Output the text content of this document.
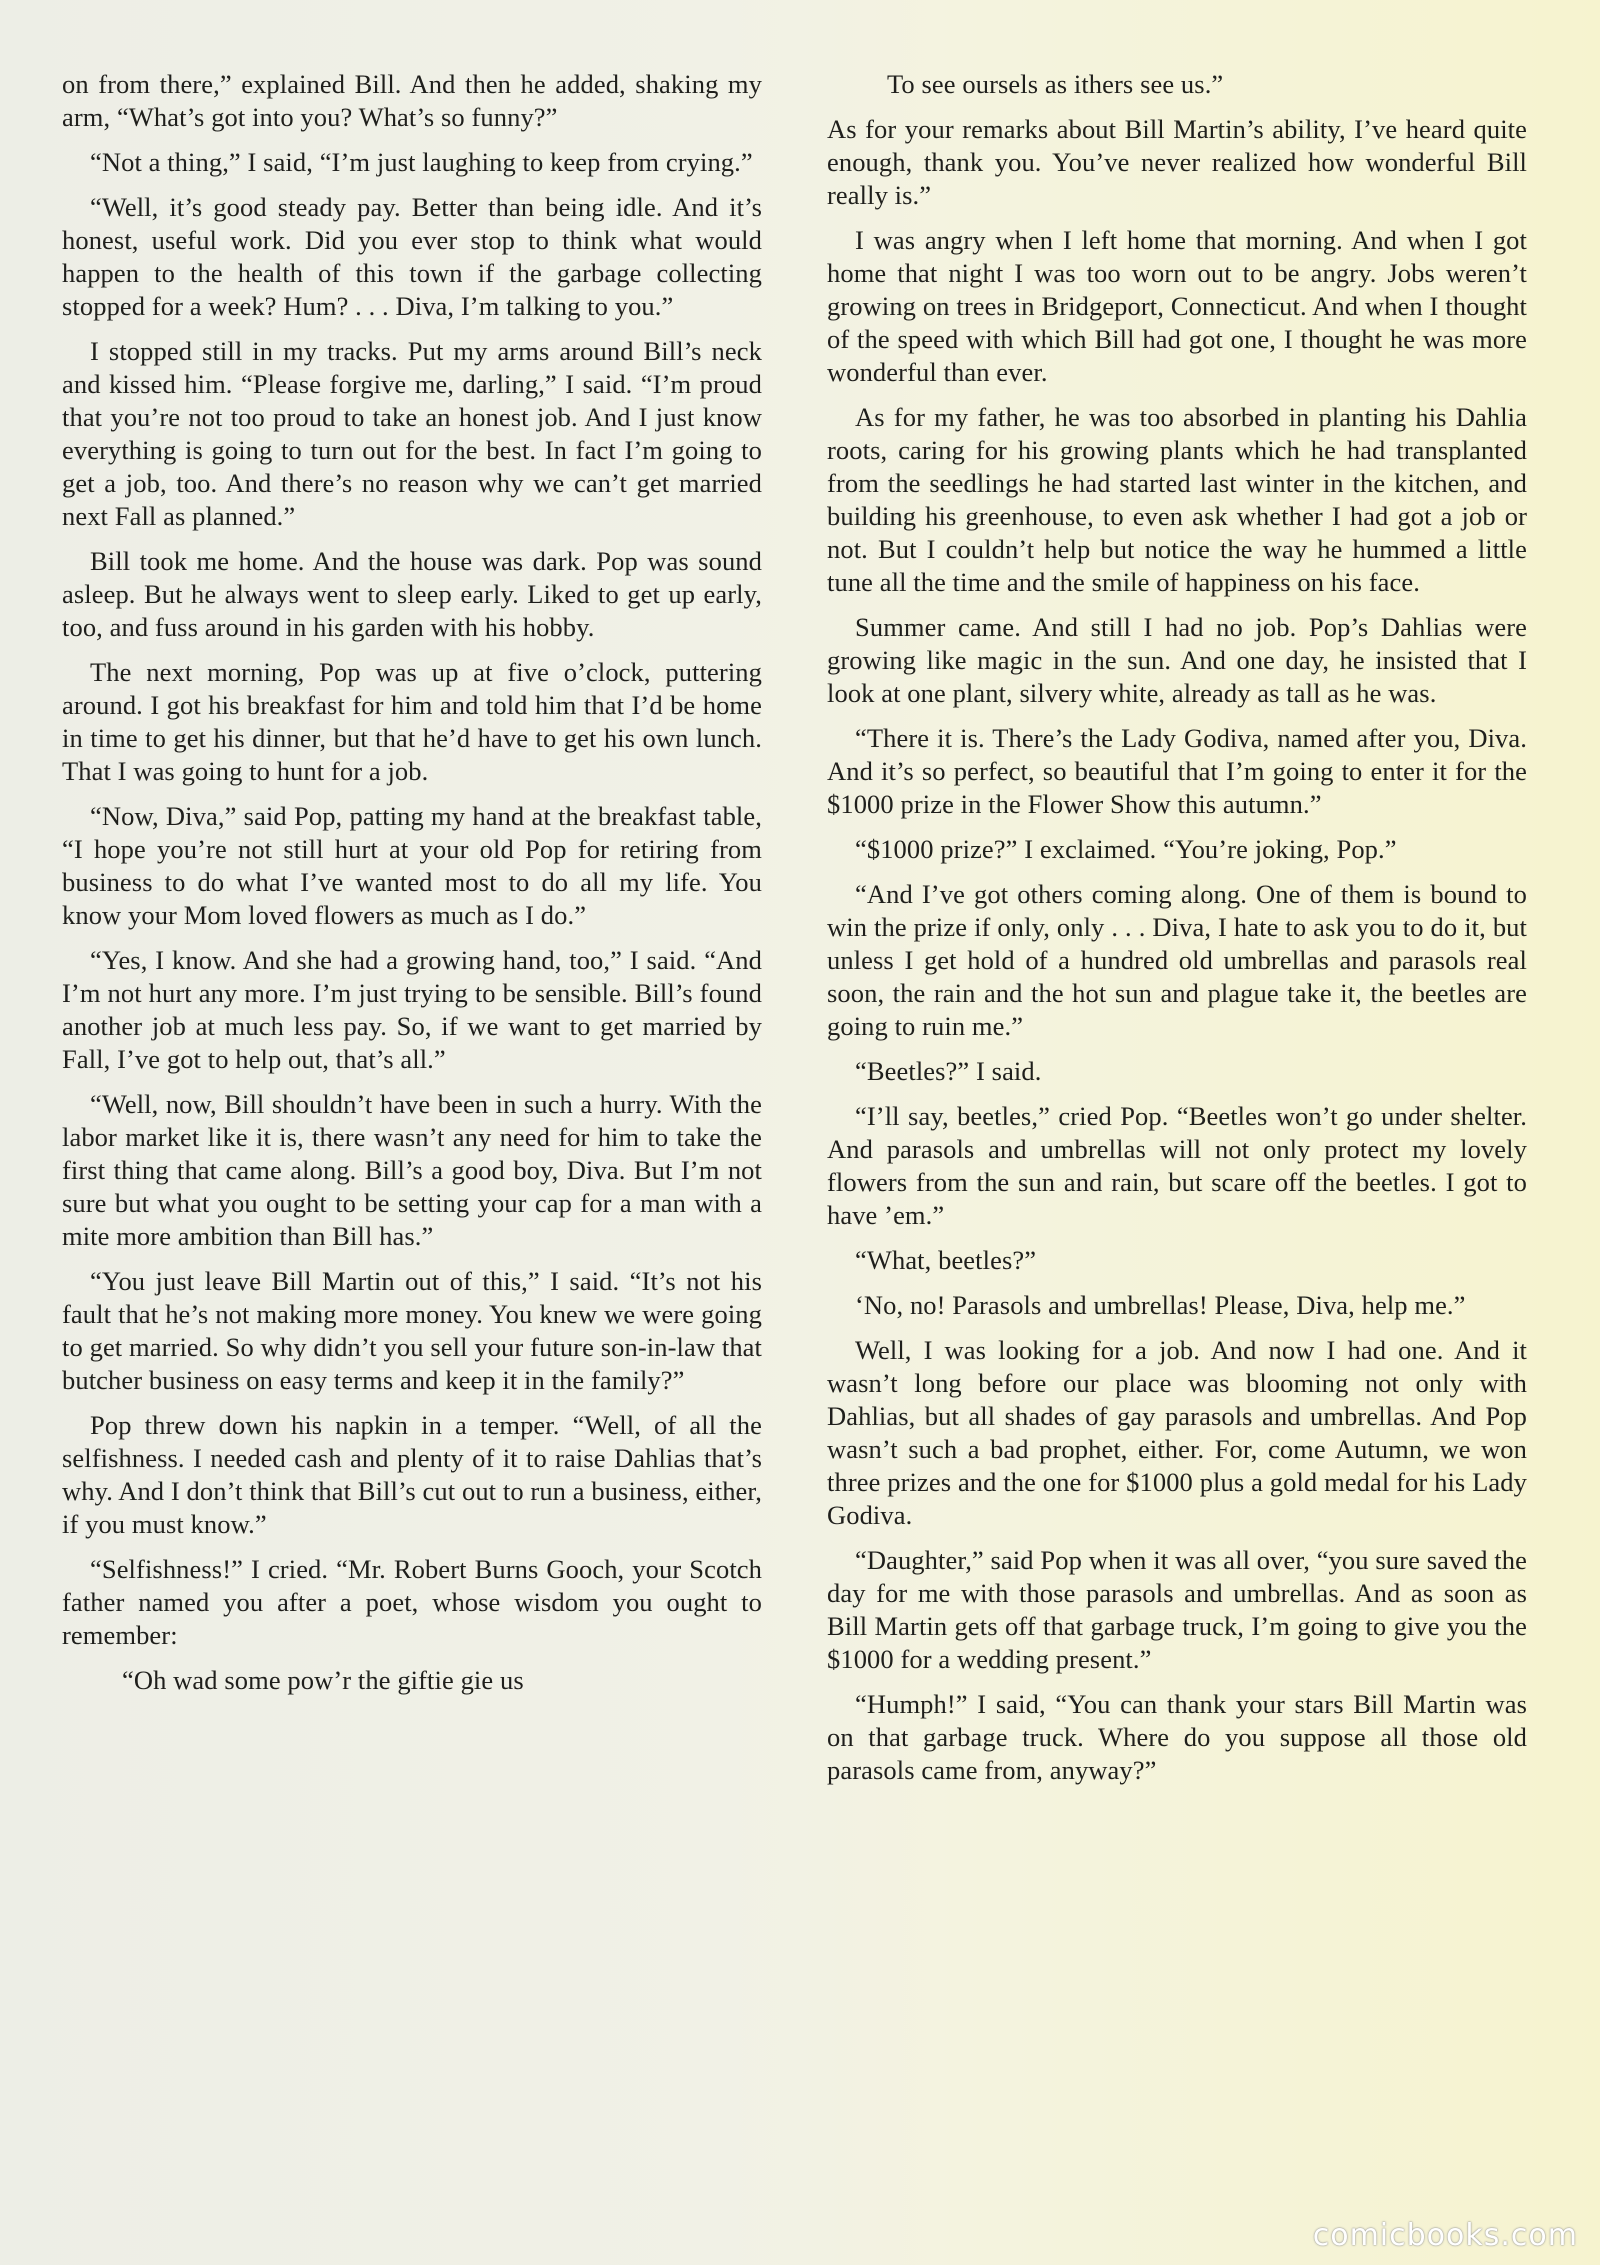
on from there,” explained Bill. And then he added, shaking my arm, “What’s got into you? What’s so funny?”

“Not a thing,” I said, “I’m just laughing to keep from crying.”

“Well, it’s good steady pay. Better than being idle. And it’s honest, useful work. Did you ever stop to think what would happen to the health of this town if the garbage collecting stopped for a week? Hum? . . . Diva, I’m talking to you.”

I stopped still in my tracks. Put my arms around Bill’s neck and kissed him. “Please forgive me, darling,” I said. “I’m proud that you’re not too proud to take an honest job. And I just know everything is going to turn out for the best. In fact I’m going to get a job, too. And there’s no reason why we can’t get married next Fall as planned.”

Bill took me home. And the house was dark. Pop was sound asleep. But he always went to sleep early. Liked to get up early, too, and fuss around in his garden with his hobby.

The next morning, Pop was up at five o’clock, puttering around. I got his breakfast for him and told him that I’d be home in time to get his dinner, but that he’d have to get his own lunch. That I was going to hunt for a job.

“Now, Diva,” said Pop, patting my hand at the breakfast table, “I hope you’re not still hurt at your old Pop for retiring from business to do what I’ve wanted most to do all my life. You know your Mom loved flowers as much as I do.”

“Yes, I know. And she had a growing hand, too,” I said. “And I’m not hurt any more. I’m just trying to be sensible. Bill’s found another job at much less pay. So, if we want to get married by Fall, I’ve got to help out, that’s all.”

“Well, now, Bill shouldn’t have been in such a hurry. With the labor market like it is, there wasn’t any need for him to take the first thing that came along. Bill’s a good boy, Diva. But I’m not sure but what you ought to be setting your cap for a man with a mite more ambition than Bill has.”

“You just leave Bill Martin out of this,” I said. “It’s not his fault that he’s not making more money. You knew we were going to get married. So why didn’t you sell your future son-in-law that butcher business on easy terms and keep it in the family?”

Pop threw down his napkin in a temper. “Well, of all the selfishness. I needed cash and plenty of it to raise Dahlias that’s why. And I don’t think that Bill’s cut out to run a business, either, if you must know.”

“Selfishness!” I cried. “Mr. Robert Burns Gooch, your Scotch father named you after a poet, whose wisdom you ought to remember:

“Oh wad some pow’r the giftie gie us

To see oursels as ithers see us.”

As for your remarks about Bill Martin’s ability, I’ve heard quite enough, thank you. You’ve never realized how wonderful Bill really is.”

I was angry when I left home that morning. And when I got home that night I was too worn out to be angry. Jobs weren’t growing on trees in Bridgeport, Connecticut. And when I thought of the speed with which Bill had got one, I thought he was more wonderful than ever.

As for my father, he was too absorbed in planting his Dahlia roots, caring for his growing plants which he had transplanted from the seedlings he had started last winter in the kitchen, and building his greenhouse, to even ask whether I had got a job or not. But I couldn’t help but notice the way he hummed a little tune all the time and the smile of happiness on his face.

Summer came. And still I had no job. Pop’s Dahlias were growing like magic in the sun. And one day, he insisted that I look at one plant, silvery white, already as tall as he was.

“There it is. There’s the Lady Godiva, named after you, Diva. And it’s so perfect, so beautiful that I’m going to enter it for the $1000 prize in the Flower Show this autumn.”

“$1000 prize?” I exclaimed. “You’re joking, Pop.”

“And I’ve got others coming along. One of them is bound to win the prize if only, only . . . Diva, I hate to ask you to do it, but unless I get hold of a hundred old umbrellas and parasols real soon, the rain and the hot sun and plague take it, the beetles are going to ruin me.”

“Beetles?” I said.

“I’ll say, beetles,” cried Pop. “Beetles won’t go under shelter. And parasols and umbrellas will not only protect my lovely flowers from the sun and rain, but scare off the beetles. I got to have ’em.”

“What, beetles?”

‘No, no! Parasols and umbrellas! Please, Diva, help me.”

Well, I was looking for a job. And now I had one. And it wasn’t long before our place was blooming not only with Dahlias, but all shades of gay parasols and umbrellas. And Pop wasn’t such a bad prophet, either. For, come Autumn, we won three prizes and the one for $1000 plus a gold medal for his Lady Godiva.

“Daughter,” said Pop when it was all over, “you sure saved the day for me with those parasols and umbrellas. And as soon as Bill Martin gets off that garbage truck, I’m going to give you the $1000 for a wedding present.”

“Humph!” I said, “You can thank your stars Bill Martin was on that garbage truck. Where do you suppose all those old parasols came from, anyway?”

comicbooks.com
